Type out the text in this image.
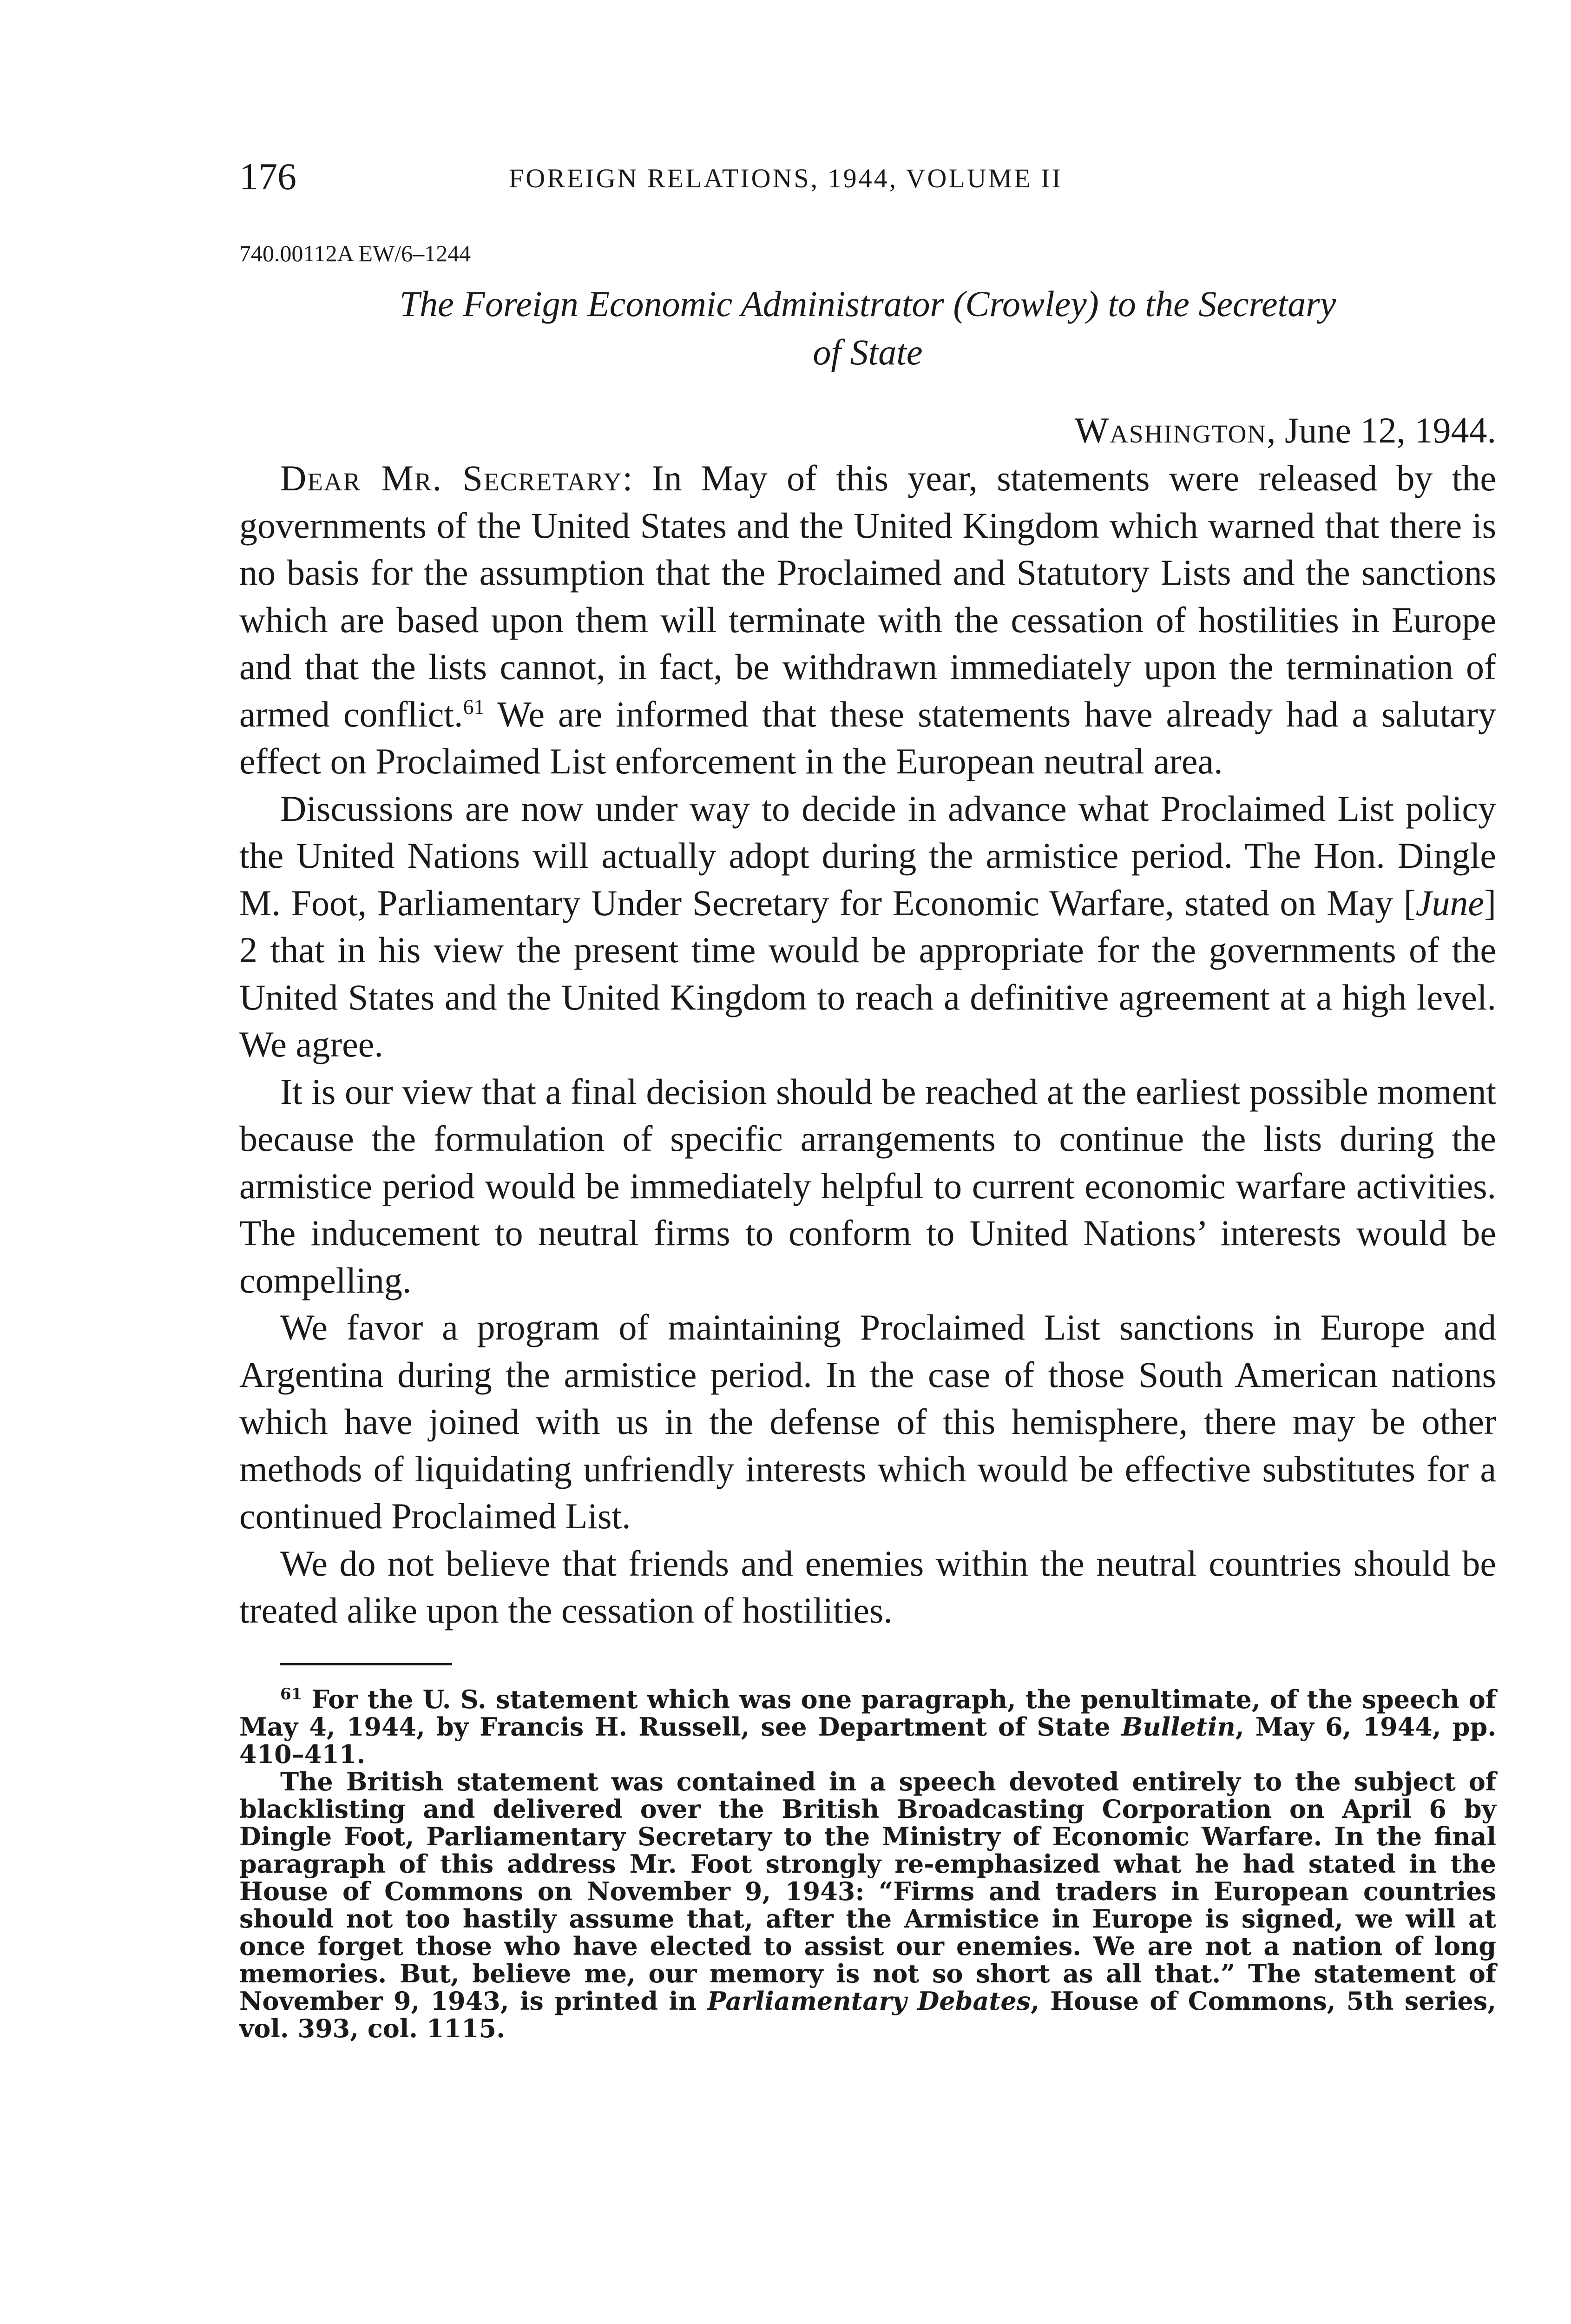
176	FOREIGN RELATIONS, 1944, VOLUME II
740.00112A EW/6–1244
The Foreign Economic Administrator (Crowley) to the Secretary
of State
Washington, June 12, 1944.

Dear Mr. Secretary: In May of this year, statements were released by the governments of the United States and the United Kingdom which warned that there is no basis for the assumption that the Proclaimed and Statutory Lists and the sanctions which are based upon them will terminate with the cessation of hostilities in Europe and that the lists cannot, in fact, be withdrawn immediately upon the termination of armed conflict.$^{61}$ We are informed that these statements have already had a salutary effect on Proclaimed List enforcement in the European neutral area.

Discussions are now under way to decide in advance what Proclaimed List policy the United Nations will actually adopt during the armistice period. The Hon. Dingle M. Foot, Parliamentary Under Secretary for Economic Warfare, stated on May [June] 2 that in his view the present time would be appropriate for the governments of the United States and the United Kingdom to reach a definitive agreement at a high level. We agree.

It is our view that a final decision should be reached at the earliest possible moment because the formulation of specific arrangements to continue the lists during the armistice period would be immediately helpful to current economic warfare activities. The inducement to neutral firms to conform to United Nations’ interests would be compelling.

We favor a program of maintaining Proclaimed List sanctions in Europe and Argentina during the armistice period. In the case of those South American nations which have joined with us in the defense of this hemisphere, there may be other methods of liquidating unfriendly interests which would be effective substitutes for a continued Proclaimed List.

We do not believe that friends and enemies within the neutral countries should be treated alike upon the cessation of hostilities.

$^{61}$ For the U. S. statement which was one paragraph, the penultimate, of the speech of May 4, 1944, by Francis H. Russell, see Department of State Bulletin, May 6, 1944, pp. 410–411.

The British statement was contained in a speech devoted entirely to the subject of blacklisting and delivered over the British Broadcasting Corporation on April 6 by Dingle Foot, Parliamentary Secretary to the Ministry of Economic Warfare. In the final paragraph of this address Mr. Foot strongly re-emphasized what he had stated in the House of Commons on November 9, 1943: “Firms and traders in European countries should not too hastily assume that, after the Armistice in Europe is signed, we will at once forget those who have elected to assist our enemies. We are not a nation of long memories. But, believe me, our memory is not so short as all that.” The statement of November 9, 1943, is printed in Parliamentary Debates, House of Commons, 5th series, vol. 393, col. 1115.
